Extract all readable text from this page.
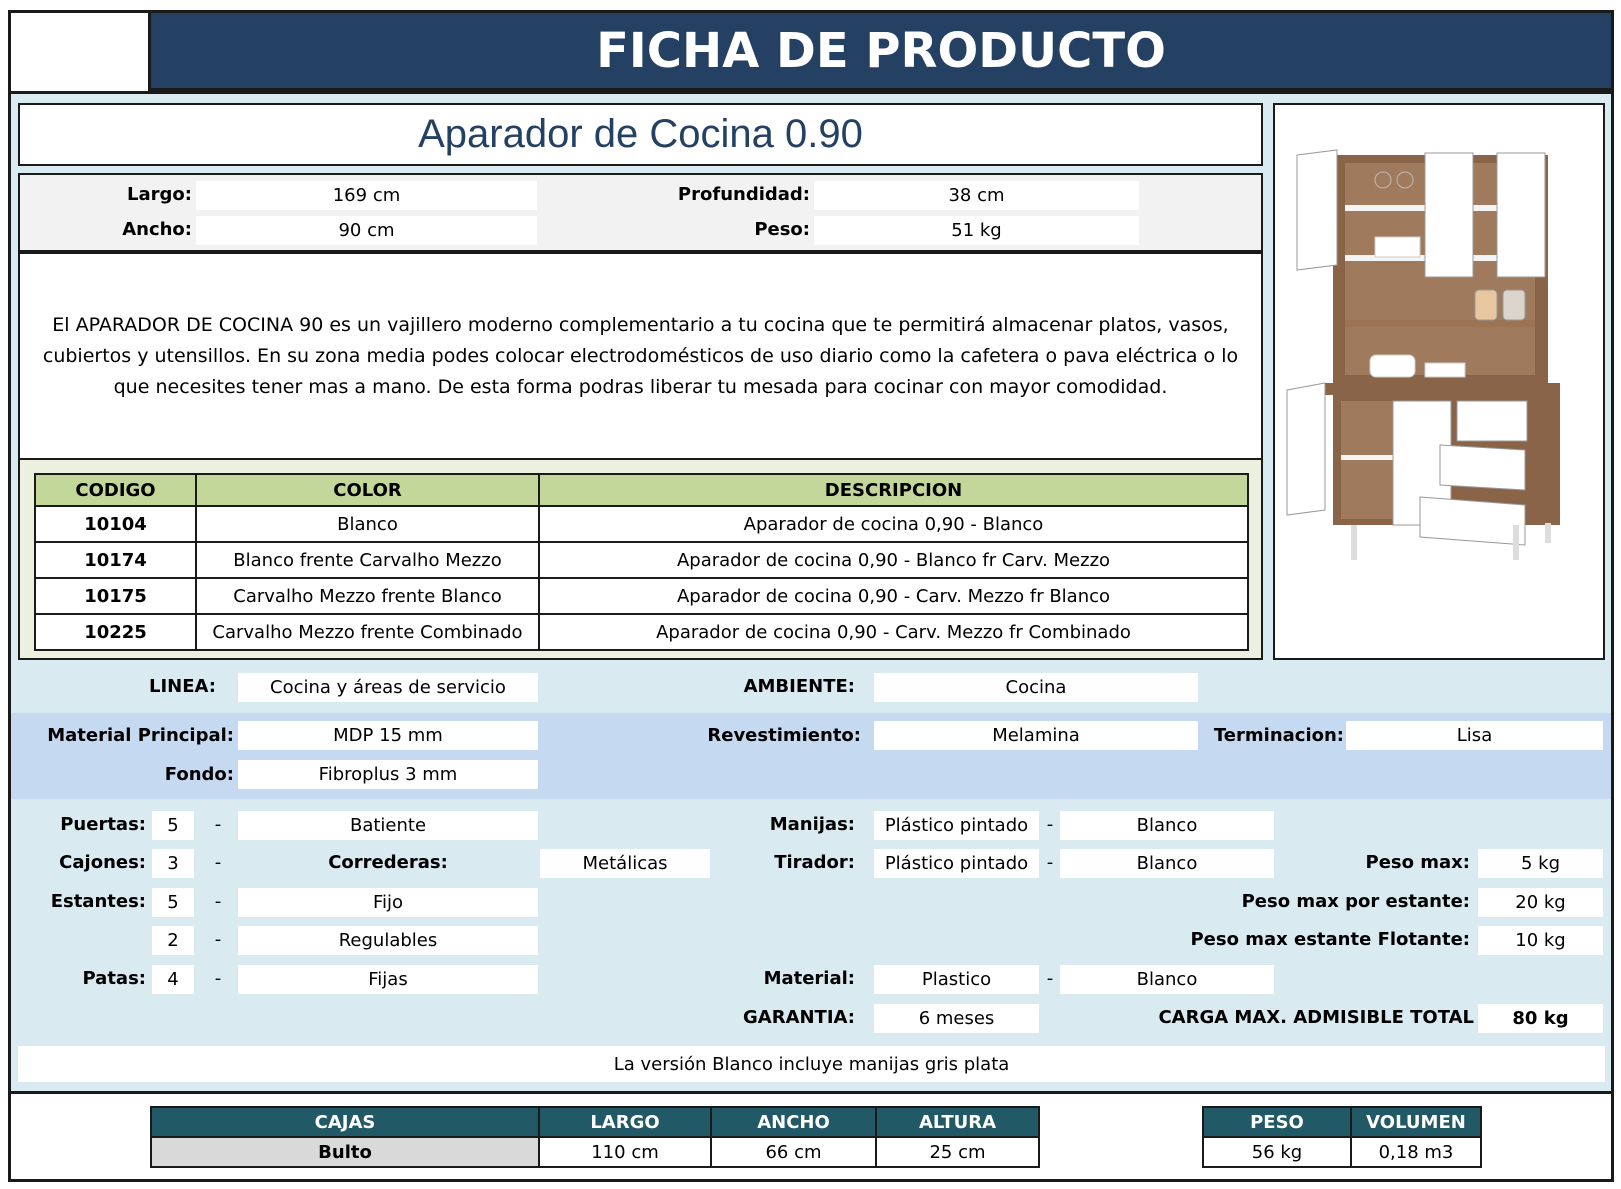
FICHA DE PRODUCTO
Aparador de Cocina 0.90
Largo:	169 cm
Ancho:	90 cm
Profundidad:	38 cm
Peso:	51 kg
El APARADOR DE COCINA 90 es un vajillero moderno complementario a tu cocina que te permitirá almacenar platos, vasos, cubiertos y utensillos. En su zona media podes colocar electrodomésticos de uso diario como la cafetera o pava eléctrica o lo que necesites tener mas a mano. De esta forma podras liberar tu mesada para cocinar con mayor comodidad.
CODIGO	COLOR	DESCRIPCION
10104	Blanco	Aparador de cocina 0,90 - Blanco
10174	Blanco frente Carvalho Mezzo	Aparador de cocina 0,90 - Blanco fr Carv. Mezzo
10175	Carvalho Mezzo frente Blanco	Aparador de cocina 0,90 - Carv. Mezzo fr Blanco
10225	Carvalho Mezzo frente Combinado	Aparador de cocina 0,90 - Carv. Mezzo fr Combinado
LINEA:	Cocina y áreas de servicio	AMBIENTE:	Cocina
Material Principal:	MDP 15 mm	Revestimiento:	Melamina	Terminacion:	Lisa
Fondo:	Fibroplus 3 mm
Puertas:	5	-	Batiente	Manijas:	Plástico pintado	-	Blanco
Cajones:	3	-	Correderas:	Metálicas	Tirador:	Plástico pintado	-	Blanco	Peso max:	5 kg
Estantes:	5	-	Fijo	Peso max por estante:	20 kg
2	-	Regulables	Peso max estante Flotante:	10 kg
Patas:	4	-	Fijas	Material:	Plastico	-	Blanco
GARANTIA:	6 meses	CARGA MAX. ADMISIBLE TOTAL	80 kg
La versión Blanco incluye manijas gris plata
CAJAS	LARGO	ANCHO	ALTURA
Bulto	110 cm	66 cm	25 cm
PESO	VOLUMEN
56 kg	0,18 m3
